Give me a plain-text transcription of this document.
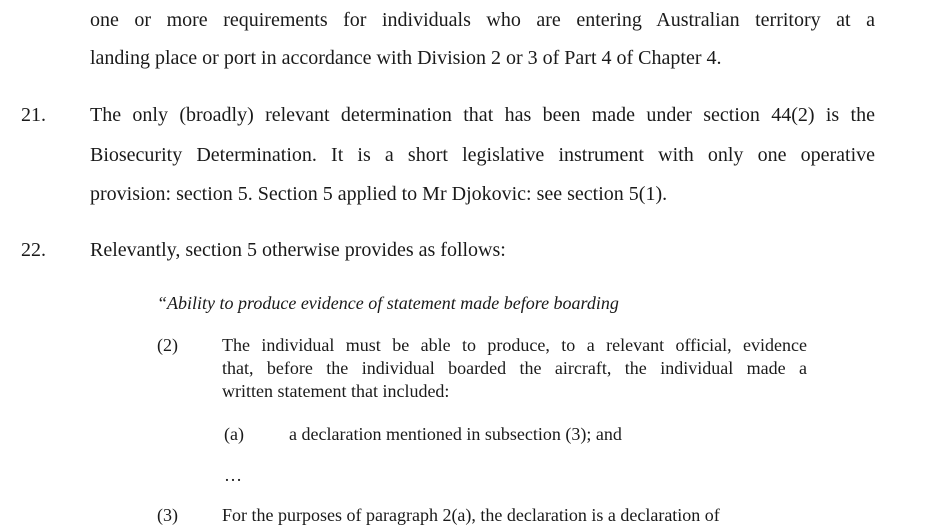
one or more requirements for individuals who are entering Australian territory at a
landing place or port in accordance with Division 2 or 3 of Part 4 of Chapter 4.
21. The only (broadly) relevant determination that has been made under section 44(2) is the
Biosecurity Determination. It is a short legislative instrument with only one operative
provision: section 5. Section 5 applied to Mr Djokovic: see section 5(1).
22. Relevantly, section 5 otherwise provides as follows:
“Ability to produce evidence of statement made before boarding
(2) The individual must be able to produce, to a relevant official, evidence
that, before the individual boarded the aircraft, the individual made a
written statement that included:
(a)	a declaration mentioned in subsection (3); and
…
(3) For the purposes of paragraph 2(a), the declaration is a declaration of
